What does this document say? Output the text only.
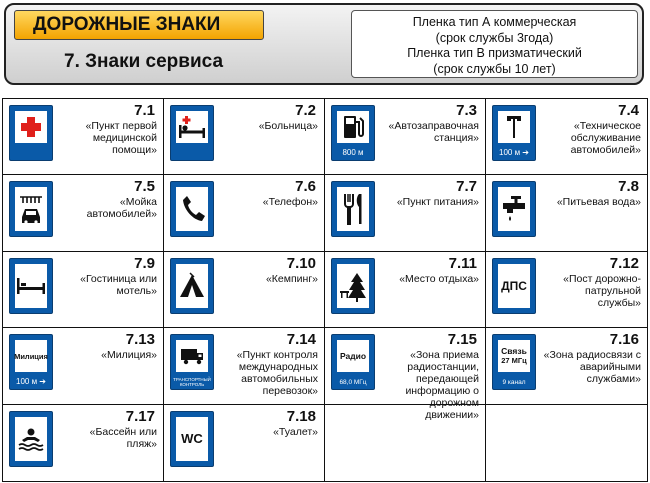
ДОРОЖНЫЕ ЗНАКИ
7. Знаки сервиса
Пленка тип А коммерческая
(срок службы 3года)
Пленка тип В призматический
(срок службы 10 лет)
7.1
«Пункт первой медицинской помощи»
7.2
«Больница»
800 м
7.3
«Автозаправочная станция»
100 м ➔
7.4
«Техническое обслуживание автомобилей»
7.5
«Мойка автомобилей»
7.6
«Телефон»
7.7
«Пункт питания»
7.8
«Питьевая вода»
7.9
«Гостиница или мотель»
7.10
«Кемпинг»
7.11
«Место отдыха» ДПС
7.12
«Пост дорожно-патрульной службы»
Милиция
100 м ➔
7.13
«Милиция»
ТРАНСПОРТНЫЙ КОНТРОЛЬ
7.14
«Пункт контроля международных автомобильных перевозок»
Радио
68,0 МГц
7.15
«Зона приема радиостанции, передающей информацию о дорожном движении»
Связь
27 МГц
9 канал
7.16
«Зона радиосвязи с аварийными службами»
7.17
«Бассейн или пляж» WC
7.18
«Туалет»
